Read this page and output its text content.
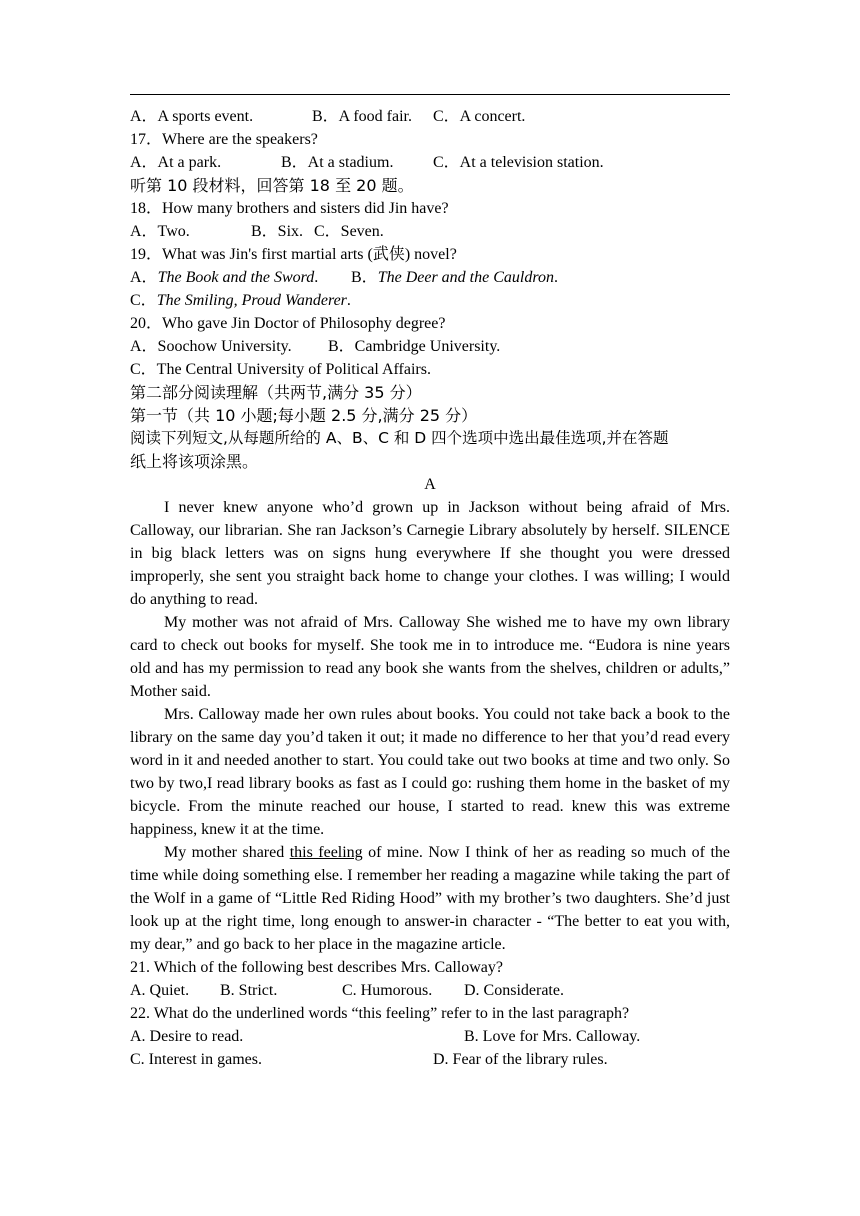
A．A sports event.	B．A food fair. C．A concert.
17．Where are the speakers?
A．At a park.	B．At a stadium. C．At a television station.
听第 10 段材料，回答第 18 至 20 题。
18．How many brothers and sisters did Jin have?
A．Two.	B．Six. C．Seven.
19．What was Jin's first martial arts (武侠) novel?
A．The Book and the Sword. B．The Deer and the Cauldron.
C．The Smiling, Proud Wanderer.
20．Who gave Jin Doctor of Philosophy degree?
A．Soochow University. B．Cambridge University.
C．The Central University of Political Affairs.
第二部分阅读理解（共两节,满分 35 分）
第一节（共 10 小题;每小题 2.5 分,满分 25 分）
阅读下列短文,从每题所给的 A、B、C 和 D 四个选项中选出最佳选项,并在答题
纸上将该项涂黑。
A
I never knew anyone who’d grown up in Jackson without being afraid of Mrs. Calloway, our librarian. She ran Jackson’s Carnegie Library absolutely by herself. SILENCE in big black letters was on signs hung everywhere If she thought you were dressed improperly, she sent you straight back home to change your clothes. I was willing; I would do anything to read.
My mother was not afraid of Mrs. Calloway She wished me to have my own library card to check out books for myself. She took me in to introduce me. “Eudora is nine years old and has my permission to read any book she wants from the shelves, children or adults,” Mother said.
Mrs. Calloway made her own rules about books. You could not take back a book to the library on the same day you’d taken it out; it made no difference to her that you’d read every word in it and needed another to start. You could take out two books at time and two only. So two by two,I read library books as fast as I could go: rushing them home in the basket of my bicycle. From the minute reached our house, I started to read. knew this was extreme happiness, knew it at the time.
My mother shared this feeling of mine. Now I think of her as reading so much of the time while doing something else. I remember her reading a magazine while taking the part of the Wolf in a game of “Little Red Riding Hood” with my brother’s two daughters. She’d just look up at the right time, long enough to answer-in character - “The better to eat you with, my dear,” and go back to her place in the magazine article.
21. Which of the following best describes Mrs. Calloway?
A. Quiet. B. Strict.	C. Humorous. D. Considerate.
22. What do the underlined words “this feeling” refer to in the last paragraph?
A. Desire to read.	B. Love for Mrs. Calloway.
C. Interest in games.	D. Fear of the library rules.
